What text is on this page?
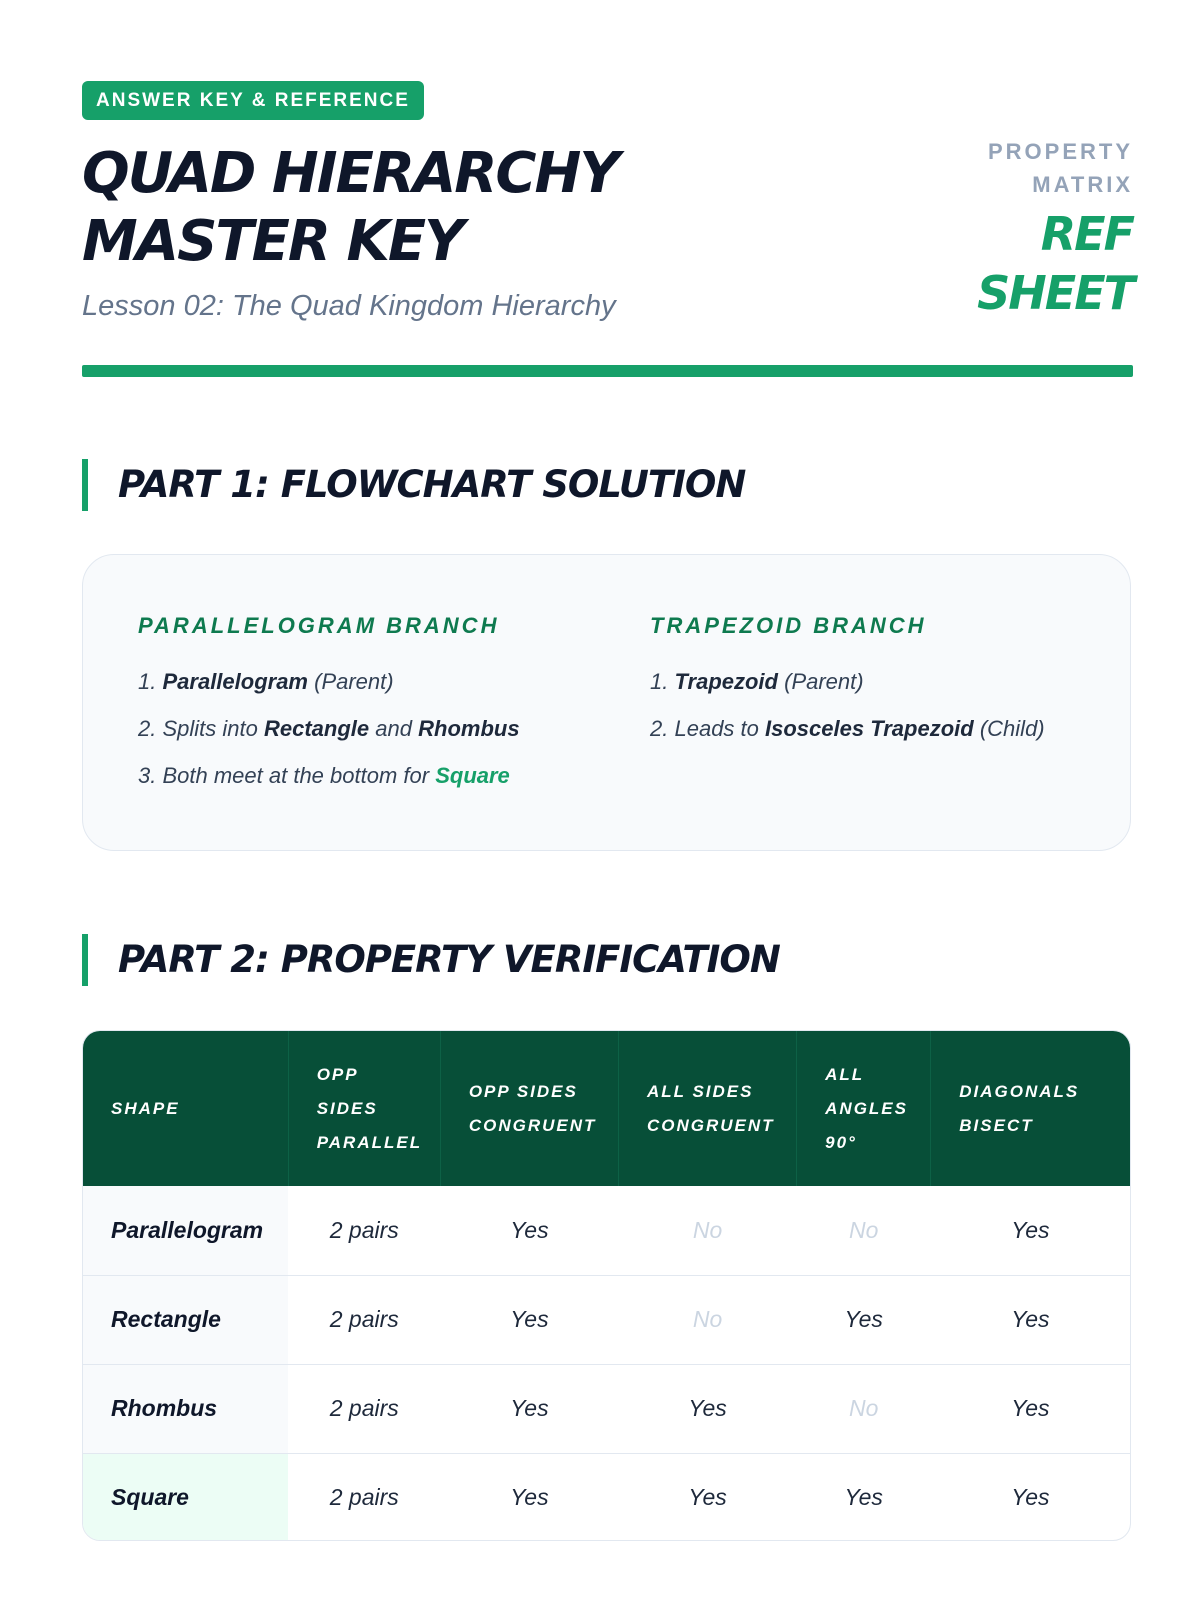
ANSWER KEY & REFERENCE
QUAD HIERARCHY
MASTER KEY
Lesson 02: The Quad Kingdom Hierarchy
PROPERTY
MATRIX
REF
SHEET
PART 1: FLOWCHART SOLUTION
PARALLELOGRAM BRANCH
1. Parallelogram (Parent)
2. Splits into Rectangle and Rhombus
3. Both meet at the bottom for Square
TRAPEZOID BRANCH
1. Trapezoid (Parent)
2. Leads to Isosceles Trapezoid (Child)
PART 2: PROPERTY VERIFICATION
SHAPE	OPP SIDES PARALLEL	OPP SIDES CONGRUENT	ALL SIDES CONGRUENT	ALL ANGLES 90°	DIAGONALS BISECT
Parallelogram	2 pairs	Yes	No	No	Yes
Rectangle	2 pairs	Yes	No	Yes	Yes
Rhombus	2 pairs	Yes	Yes	No	Yes
Square	2 pairs	Yes	Yes	Yes	Yes
